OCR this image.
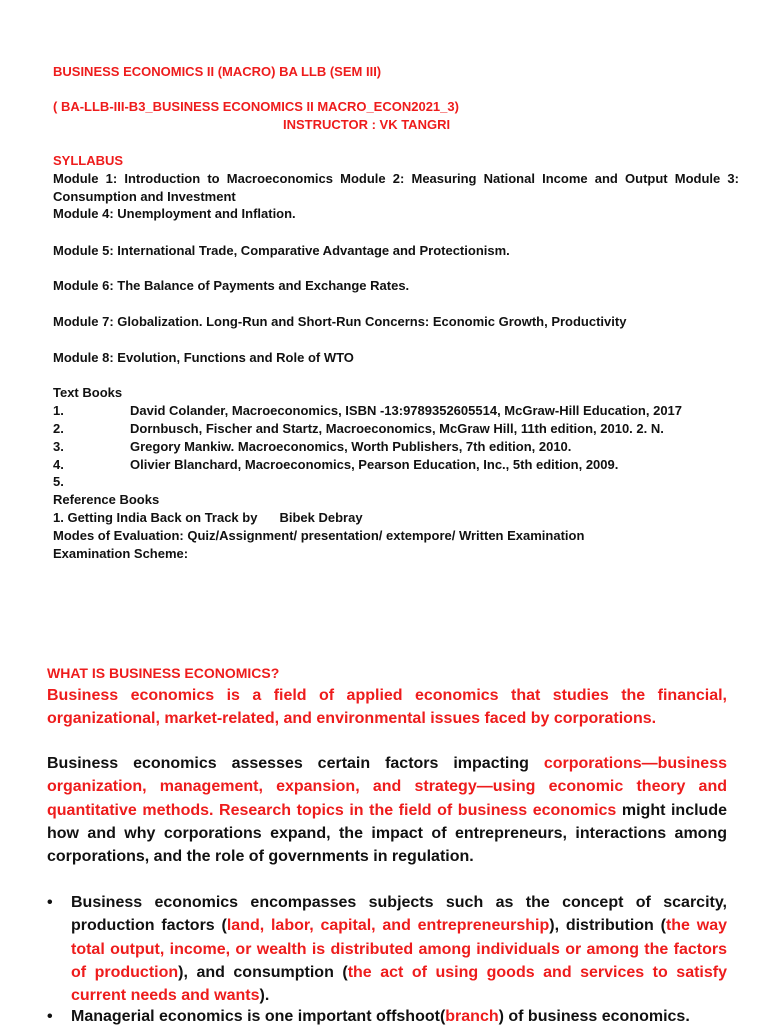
BUSINESS ECONOMICS II (MACRO) BA LLB (SEM III)
( BA-LLB-III-B3_BUSINESS ECONOMICS II MACRO_ECON2021_3)
INSTRUCTOR : VK TANGRI
SYLLABUS
Module 1: Introduction to Macroeconomics Module 2: Measuring National Income and Output Module 3: Consumption and Investment
Module 4: Unemployment and Inflation.
Module 5: International Trade, Comparative Advantage and Protectionism.
Module 6: The Balance of Payments and Exchange Rates.
Module 7: Globalization. Long-Run and Short-Run Concerns: Economic Growth, Productivity
Module 8: Evolution, Functions and Role of WTO
Text Books
1.	David Colander, Macroeconomics, ISBN -13:9789352605514, McGraw-Hill Education, 2017
2.	Dornbusch, Fischer and Startz, Macroeconomics, McGraw Hill, 11th edition, 2010. 2. N.
3.	Gregory Mankiw. Macroeconomics, Worth Publishers, 7th edition, 2010.
4.	Olivier Blanchard, Macroeconomics, Pearson Education, Inc., 5th edition, 2009.
5.
Reference Books
1. Getting India Back on Track by Bibek Debray
Modes of Evaluation: Quiz/Assignment/ presentation/ extempore/ Written Examination
Examination Scheme:
WHAT IS BUSINESS ECONOMICS?
Business economics is a field of applied economics that studies the financial, organizational, market-related, and environmental issues faced by corporations.
Business economics assesses certain factors impacting corporations—business organization, management, expansion, and strategy—using economic theory and quantitative methods. Research topics in the field of business economics might include how and why corporations expand, the impact of entrepreneurs, interactions among corporations, and the role of governments in regulation.
• Business economics encompasses subjects such as the concept of scarcity, production factors (land, labor, capital, and entrepreneurship), distribution (the way total output, income, or wealth is distributed among individuals or among the factors of production), and consumption (the act of using goods and services to satisfy current needs and wants).
• Managerial economics is one important offshoot(branch) of business economics.
